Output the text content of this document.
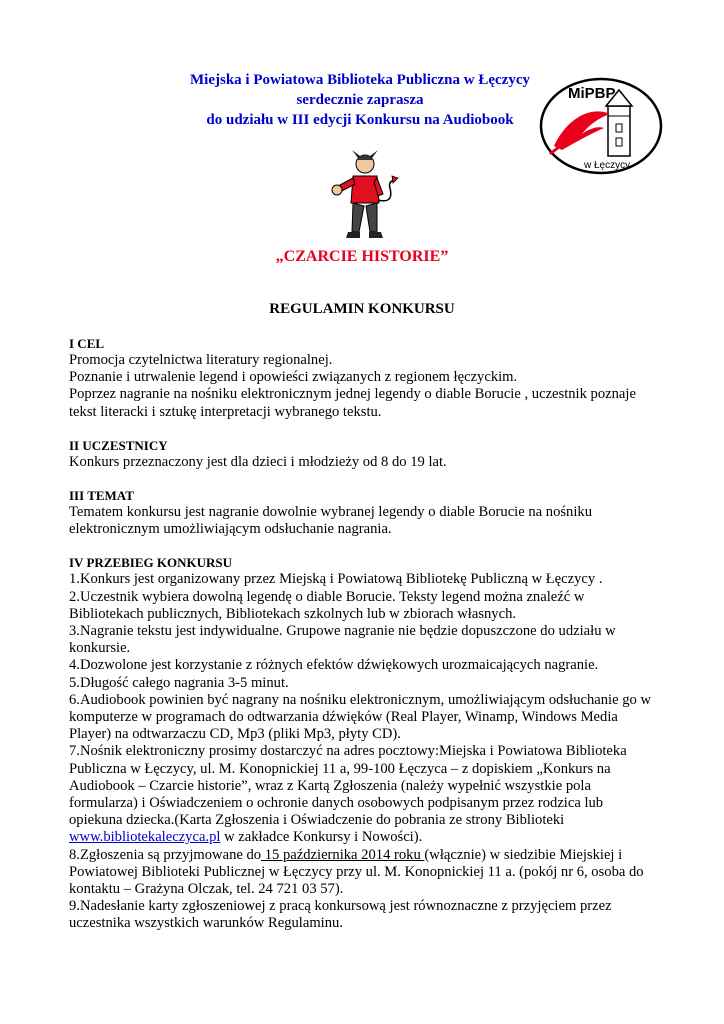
Miejska i Powiatowa Biblioteka Publiczna w Łęczycy
serdecznie zaprasza
do udziału w III edycji Konkursu na Audiobook
MiPBP
w Łęczycy
„CZARCIE HISTORIE”
REGULAMIN KONKURSU
I CEL
Promocja czytelnictwa literatury regionalnej.
Poznanie i utrwalenie legend i opowieści związanych z regionem łęczyckim.
Poprzez nagranie na nośniku elektronicznym jednej legendy o diable Borucie , uczestnik poznaje
tekst literacki i sztukę interpretacji wybranego tekstu.
II UCZESTNICY
Konkurs przeznaczony jest dla dzieci i młodzieży od 8 do 19 lat.
III TEMAT
Tematem konkursu jest nagranie dowolnie wybranej legendy o diable Borucie na nośniku
elektronicznym umożliwiającym odsłuchanie nagrania.
IV PRZEBIEG KONKURSU
1.Konkurs jest organizowany przez Miejską i Powiatową Bibliotekę Publiczną w Łęczycy .
2.Uczestnik wybiera dowolną legendę o diable Borucie. Teksty legend można znaleźć w
Bibliotekach publicznych, Bibliotekach szkolnych lub w zbiorach własnych.
3.Nagranie tekstu jest indywidualne. Grupowe nagranie nie będzie dopuszczone do udziału w
konkursie.
4.Dozwolone jest korzystanie z różnych efektów dźwiękowych urozmaicających nagranie.
5.Długość całego nagrania 3-5 minut.
6.Audiobook powinien być nagrany na nośniku elektronicznym, umożliwiającym odsłuchanie go w
komputerze w programach do odtwarzania dźwięków (Real Player, Winamp, Windows Media
Player) na odtwarzaczu CD, Mp3 (pliki Mp3, płyty CD).
7.Nośnik elektroniczny prosimy dostarczyć na adres pocztowy:Miejska i Powiatowa Biblioteka
Publiczna w Łęczycy, ul. M. Konopnickiej 11 a, 99-100 Łęczyca – z dopiskiem „Konkurs na
Audiobook – Czarcie historie”, wraz z Kartą Zgłoszenia (należy wypełnić wszystkie pola
formularza) i Oświadczeniem o ochronie danych osobowych podpisanym przez rodzica lub
opiekuna dziecka.(Karta Zgłoszenia i Oświadczenie do pobrania ze strony Biblioteki
www.bibliotekaleczyca.pl w zakładce Konkursy i Nowości).
8.Zgłoszenia są przyjmowane do 15 października 2014 roku (włącznie) w siedzibie Miejskiej i
Powiatowej Biblioteki Publicznej w Łęczycy przy ul. M. Konopnickiej 11 a. (pokój nr 6, osoba do
kontaktu – Grażyna Olczak, tel. 24 721 03 57).
9.Nadesłanie karty zgłoszeniowej z pracą konkursową jest równoznaczne z przyjęciem przez
uczestnika wszystkich warunków Regulaminu.
